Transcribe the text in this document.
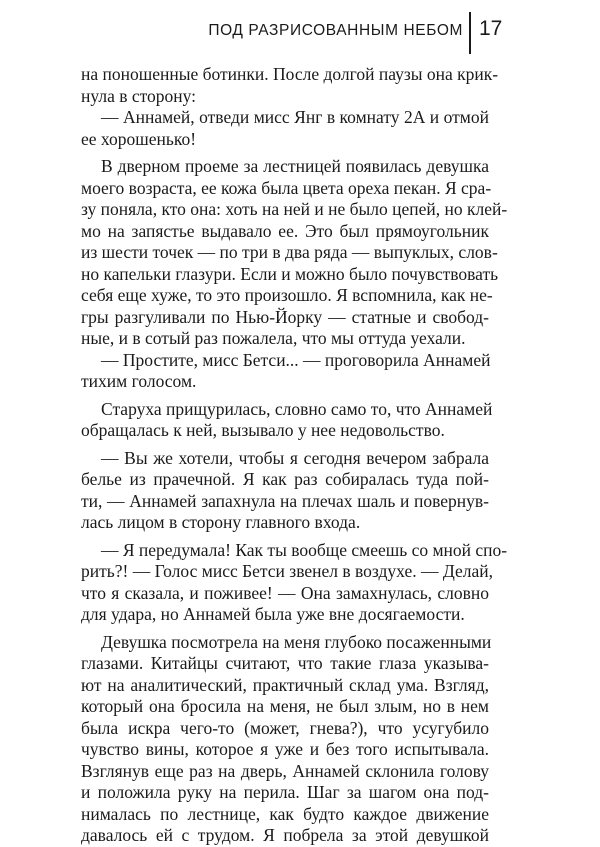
ПОД РАЗРИСОВАННЫМ НЕБОМ 17
на поношенные ботинки. После долгой паузы она крик-
нула в сторону:
— Аннамей, отведи мисс Янг в комнату 2А и отмой
ее хорошенько!
В дверном проеме за лестницей появилась девушка
моего возраста, ее кожа была цвета ореха пекан. Я сра-
зу поняла, кто она: хоть на ней и не было цепей, но клей-
мо на запястье выдавало ее. Это был прямоугольник
из шести точек — по три в два ряда — выпуклых, слов-
но капельки глазури. Если и можно было почувствовать
себя еще хуже, то это произошло. Я вспомнила, как не-
гры разгуливали по Нью-Йорку — статные и свобод-
ные, и в сотый раз пожалела, что мы оттуда уехали.
— Простите, мисс Бетси... — проговорила Аннамей
тихим голосом.
Старуха прищурилась, словно само то, что Аннамей
обращалась к ней, вызывало у нее недовольство.
— Вы же хотели, чтобы я сегодня вечером забрала
белье из прачечной. Я как раз собиралась туда пой-
ти, — Аннамей запахнула на плечах шаль и повернув-
лась лицом в сторону главного входа.
— Я передумала! Как ты вообще смеешь со мной спо-
рить?! — Голос мисс Бетси звенел в воздухе. — Делай,
что я сказала, и поживее! — Она замахнулась, словно
для удара, но Аннамей была уже вне досягаемости.
Девушка посмотрела на меня глубоко посаженными
глазами. Китайцы считают, что такие глаза указыва-
ют на аналитический, практичный склад ума. Взгляд,
который она бросила на меня, не был злым, но в нем
была искра чего-то (может, гнева?), что усугубило
чувство вины, которое я уже и без того испытывала.
Взглянув еще раз на дверь, Аннамей склонила голову
и положила руку на перила. Шаг за шагом она под-
нималась по лестнице, как будто каждое движение
давалось ей с трудом. Я побрела за этой девушкой
